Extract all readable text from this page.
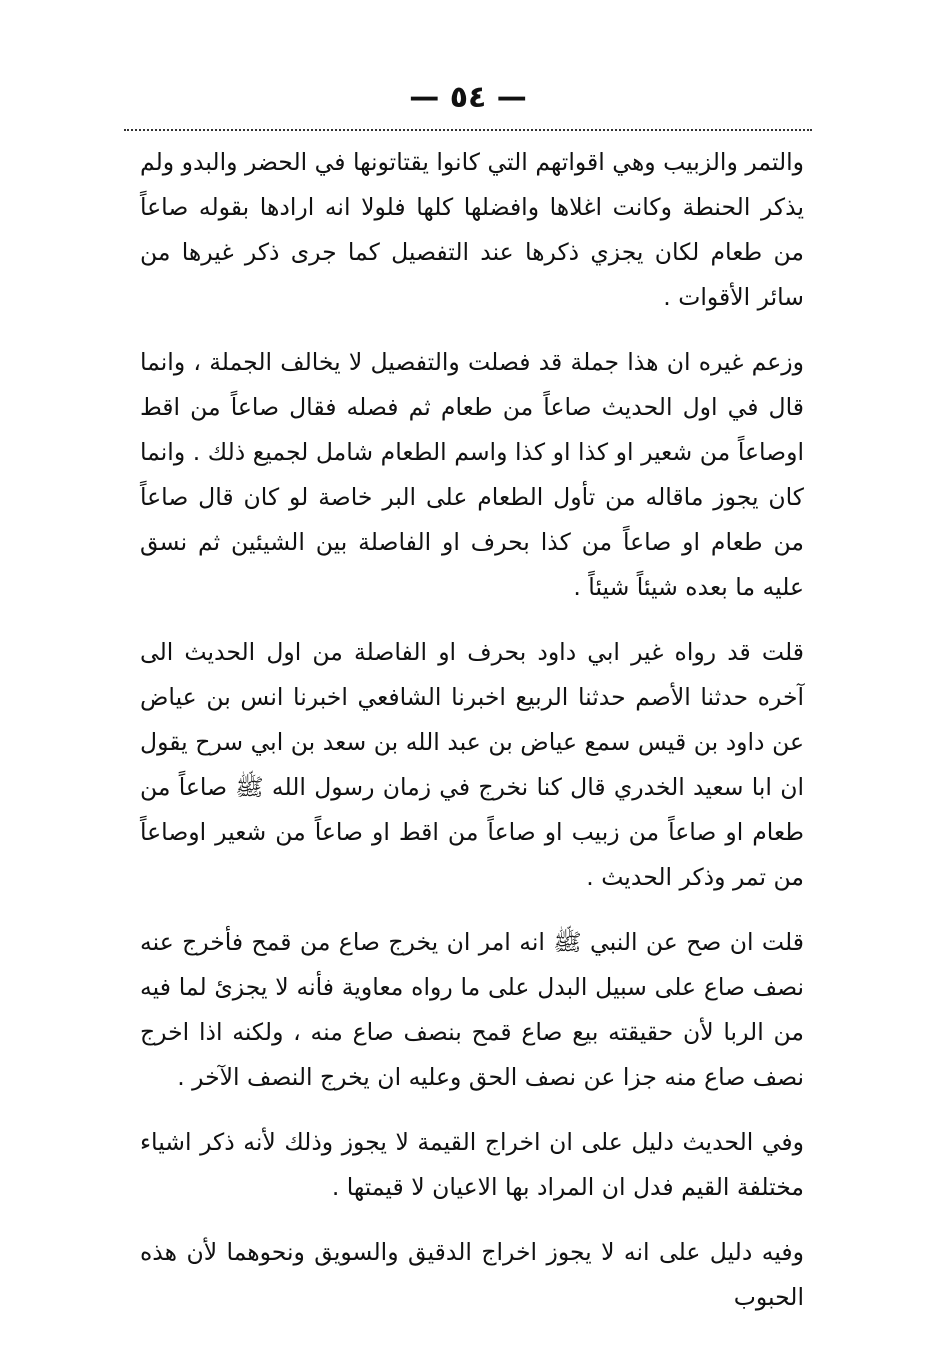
— ٥٤ —

والتمر والزبيب وهي اقواتهم التي كانوا يقتاتونها في الحضر والبدو ولم يذكر الحنطة وكانت اغلاها وافضلها كلها فلولا انه ارادها بقوله صاعاً من طعام لكان يجزي ذكرها عند التفصيل كما جرى ذكر غيرها من سائر الأقوات .

وزعم غيره ان هذا جملة قد فصلت والتفصيل لا يخالف الجملة ، وانما قال في اول الحديث صاعاً من طعام ثم فصله فقال صاعاً من اقط اوصاعاً من شعير او كذا او كذا واسم الطعام شامل لجميع ذلك . وانما كان يجوز ماقاله من تأول الطعام على البر خاصة لو كان قال صاعاً من طعام او صاعاً من كذا بحرف او الفاصلة بين الشيئين ثم نسق عليه ما بعده شيئاً شيئاً .

قلت قد رواه غير ابي داود بحرف او الفاصلة من اول الحديث الى آخره حدثنا الأصم حدثنا الربيع اخبرنا الشافعي اخبرنا انس بن عياض عن داود بن قيس سمع عياض بن عبد الله بن سعد بن ابي سرح يقول ان ابا سعيد الخدري قال كنا نخرج في زمان رسول الله ﷺ صاعاً من طعام او صاعاً من زبيب او صاعاً من اقط او صاعاً من شعير اوصاعاً من تمر وذكر الحديث .

قلت ان صح عن النبي ﷺ انه امر ان يخرج صاع من قمح فأخرج عنه نصف صاع على سبيل البدل على ما رواه معاوية فأنه لا يجزئ لما فيه من الربا لأن حقيقته بيع صاع قمح بنصف صاع منه ، ولكنه اذا اخرج نصف صاع منه جزا عن نصف الحق وعليه ان يخرج النصف الآخر .

وفي الحديث دليل على ان اخراج القيمة لا يجوز وذلك لأنه ذكر اشياء مختلفة القيم فدل ان المراد بها الاعيان لا قيمتها .

وفيه دليل على انه لا يجوز اخراج الدقيق والسويق ونحوهما لأن هذه الحبوب
